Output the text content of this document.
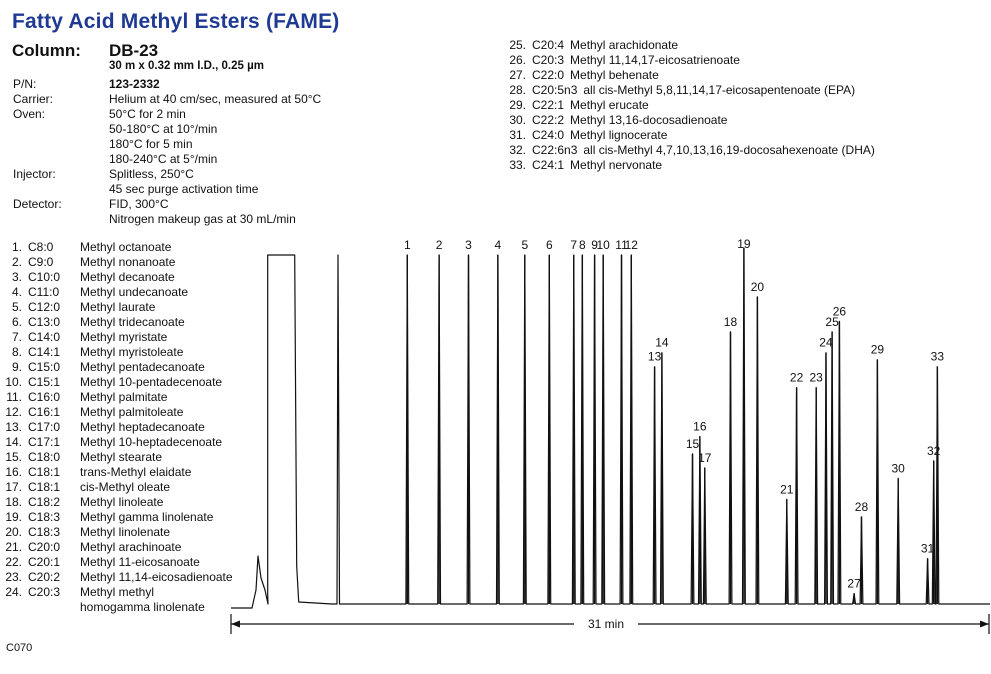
Fatty Acid Methyl Esters (FAME)
Column: DB-23
30 m x 0.32 mm I.D., 0.25 µm
P/N:	123-2332
Carrier:	Helium at 40 cm/sec, measured at 50°C
Oven:	50°C for 2 min
50-180°C at 10°/min
180°C for 5 min
180-240°C at 5°/min
Injector:	Splitless, 250°C
45 sec purge activation time
Detector:	FID, 300°C
Nitrogen makeup gas at 30 mL/min
1. C8:0 Methyl octanoate
2. C9:0 Methyl nonanoate
3. C10:0 Methyl decanoate
4. C11:0 Methyl undecanoate
5. C12:0 Methyl laurate
6. C13:0 Methyl tridecanoate
7. C14:0 Methyl myristate
8. C14:1 Methyl myristoleate
9. C15:0 Methyl pentadecanoate
10. C15:1 Methyl 10-pentadecenoate
11. C16:0 Methyl palmitate
12. C16:1 Methyl palmitoleate
13. C17:0 Methyl heptadecanoate
14. C17:1 Methyl 10-heptadecenoate
15. C18:0 Methyl stearate
16. C18:1 trans-Methyl elaidate
17. C18:1 cis-Methyl oleate
18. C18:2 Methyl linoleate
19. C18:3 Methyl gamma linolenate
20. C18:3 Methyl linolenate
21. C20:0 Methyl arachinoate
22. C20:1 Methyl 11-eicosanoate
23. C20:2 Methyl 11,14-eicosadienoate
24. C20:3 Methyl methyl
homogamma linolenate
25. C20:4 Methyl arachidonate
26. C20:3 Methyl 11,14,17-eicosatrienoate
27. C22:0 Methyl behenate
28. C20:5n3 all cis-Methyl 5,8,11,14,17-eicosapentenoate (EPA)
29. C22:1 Methyl erucate
30. C22:2 Methyl 13,16-docosadienoate
31. C24:0 Methyl lignocerate
32. C22:6n3 all cis-Methyl 4,7,10,13,16,19-docosahexenoate (DHA)
33. C24:1 Methyl nervonate
1 2 3 4 5 6 7 8 9
10 11
12
13
14
15
16
17
18
19
20
21
22 23
24
25
26
27
28
29
30
31
32
33
31 min
C070
